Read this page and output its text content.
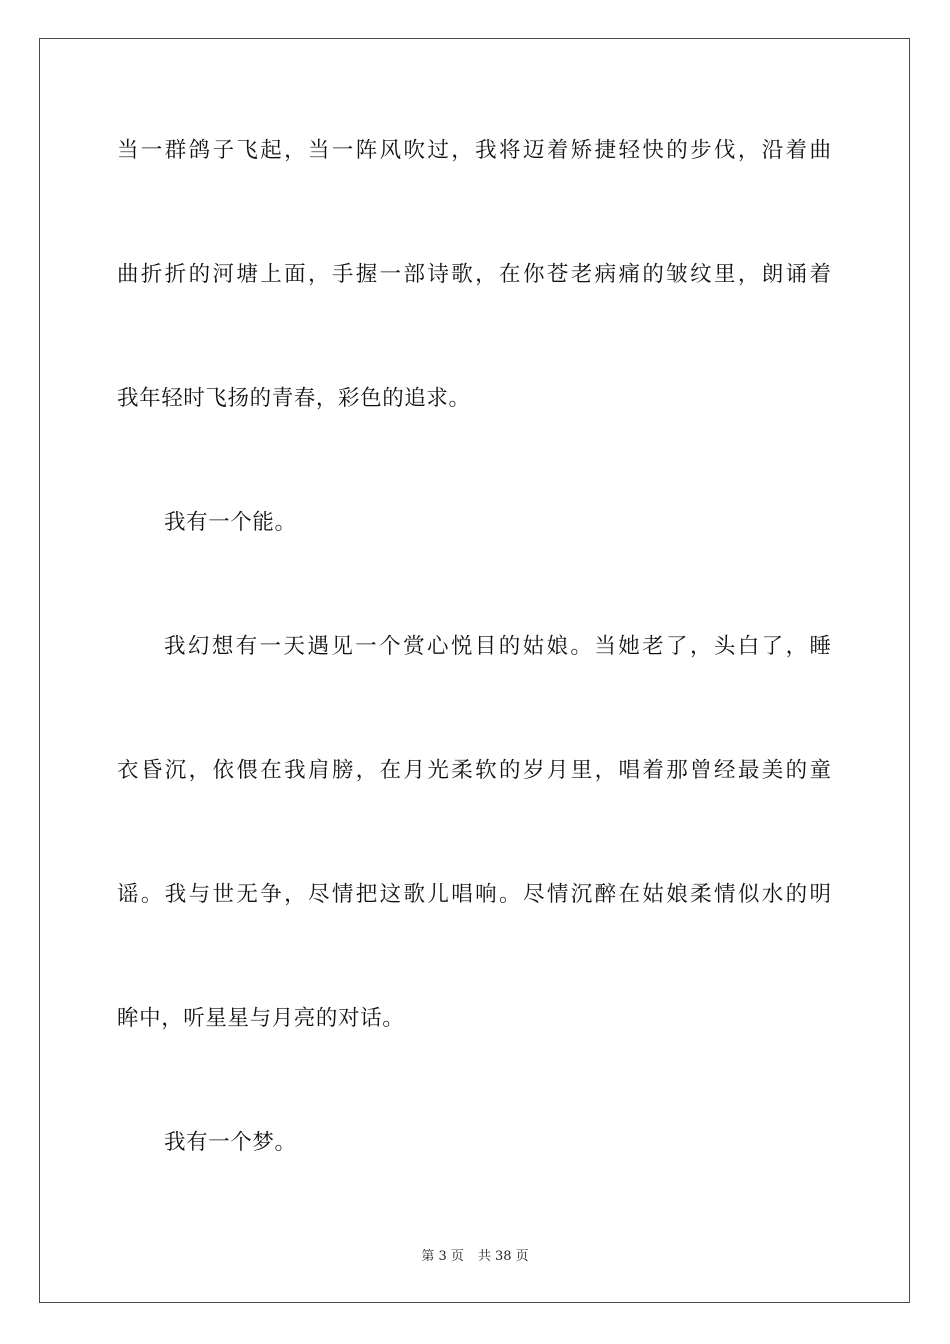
当一群鸽子飞起，当一阵风吹过，我将迈着矫捷轻快的步伐，沿着曲
曲折折的河塘上面，手握一部诗歌，在你苍老病痛的皱纹里，朗诵着
我年轻时飞扬的青春，彩色的追求。
我有一个能。
我幻想有一天遇见一个赏心悦目的姑娘。当她老了，头白了，睡
衣昏沉，依偎在我肩膀，在月光柔软的岁月里，唱着那曾经最美的童
谣。我与世无争，尽情把这歌儿唱响。尽情沉醉在姑娘柔情似水的明
眸中，听星星与月亮的对话。
我有一个梦。
第 3 页 共 38 页
